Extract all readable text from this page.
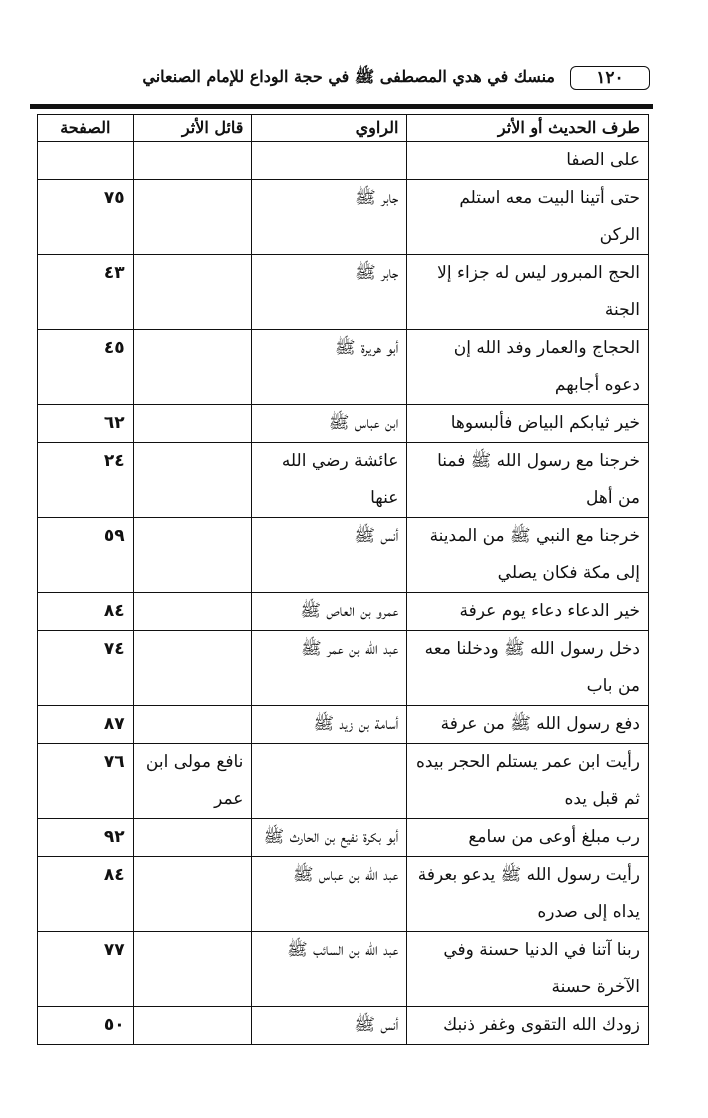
١٢٠
منسك في هدي المصطفى ﷺ في حجة الوداع للإمام الصنعاني
طرف الحديث أو الأثر	الراوي	قائل الأثر	الصفحة
على الصفا			
حتى أتينا البيت معه استلم الركن	جابر ﷺ		٧٥
الحج المبرور ليس له جزاء إلا الجنة	جابر ﷺ		٤٣
الحجاج والعمار وفد الله إن دعوه أجابهم	أبو هريرة ﷺ		٤٥
خير ثيابكم البياض فألبسوها	ابن عباس ﷺ		٦٢
خرجنا مع رسول الله ﷺ فمنا من أهل	عائشة رضي الله عنها		٢٤
خرجنا مع النبي ﷺ من المدينة إلى مكة فكان يصلي	أنس ﷺ		٥٩
خير الدعاء دعاء يوم عرفة	عمرو بن العاص ﷺ		٨٤
دخل رسول الله ﷺ ودخلنا معه من باب	عبد الله بن عمر ﷺ		٧٤
دفع رسول الله ﷺ من عرفة	أسامة بن زيد ﷺ		٨٧
رأيت ابن عمر يستلم الحجر بيده ثم قبل يده		نافع مولى ابن عمر	٧٦
رب مبلغ أوعى من سامع	أبو بكرة نفيع بن الحارث ﷺ		٩٢
رأيت رسول الله ﷺ يدعو بعرفة يداه إلى صدره	عبد الله بن عباس ﷺ		٨٤
ربنا آتنا في الدنيا حسنة وفي الآخرة حسنة	عبد الله بن السائب ﷺ		٧٧
زودك الله التقوى وغفر ذنبك	أنس ﷺ		٥٠
